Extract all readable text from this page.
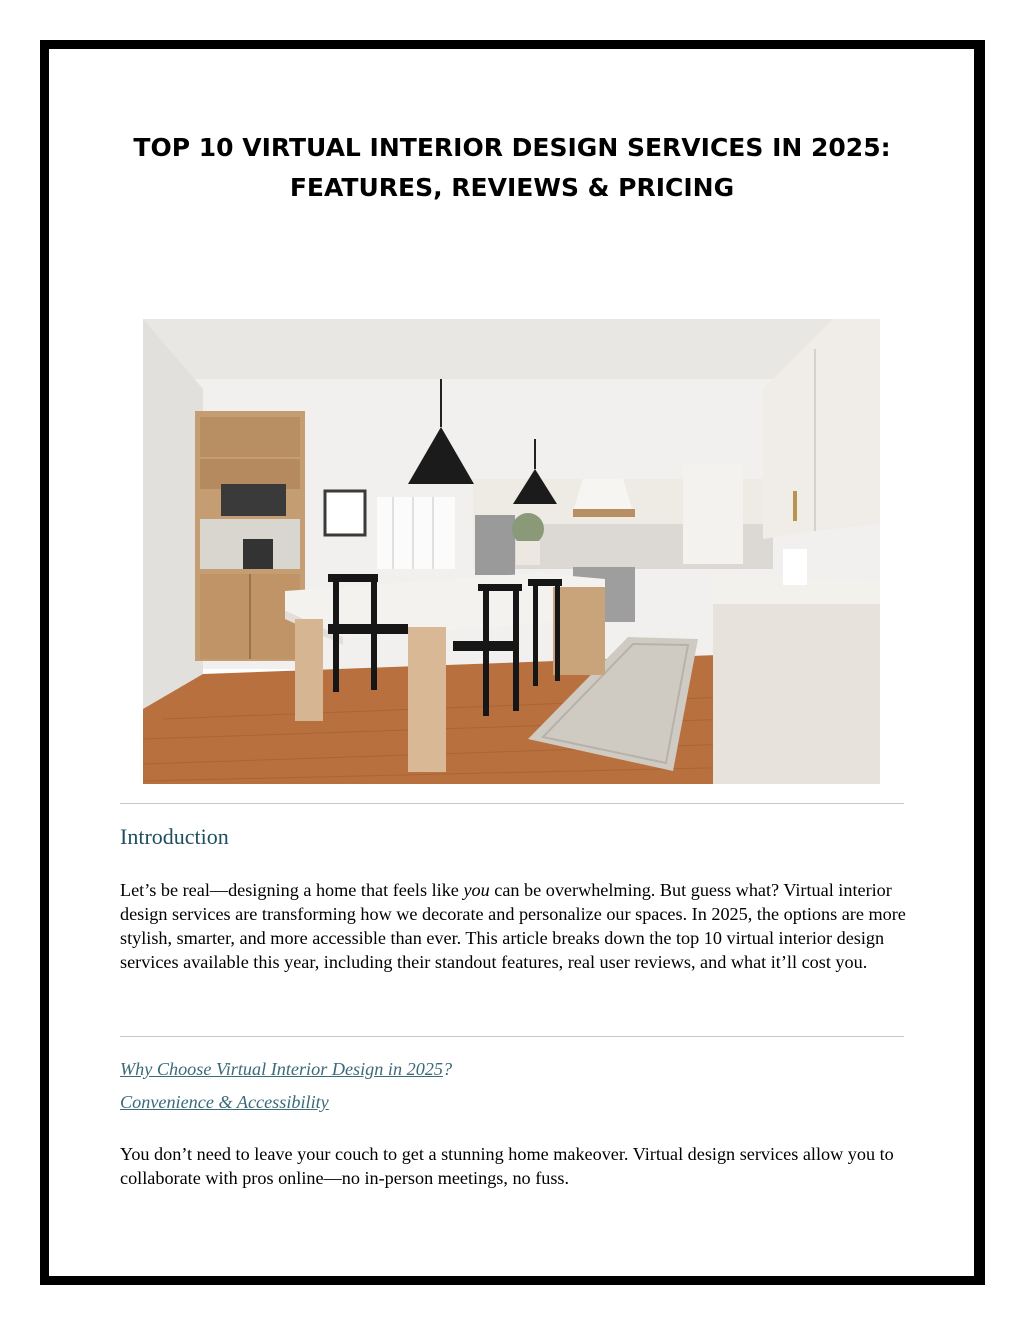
TOP 10 VIRTUAL INTERIOR DESIGN SERVICES IN 2025:
FEATURES, REVIEWS & PRICING
Introduction
Let’s be real—designing a home that feels like you can be overwhelming. But guess what? Virtual interior design services are transforming how we decorate and personalize our spaces. In 2025, the options are more stylish, smarter, and more accessible than ever. This article breaks down the top 10 virtual interior design services available this year, including their standout features, real user reviews, and what it’ll cost you.
Why Choose Virtual Interior Design in 2025?
Convenience & Accessibility
You don’t need to leave your couch to get a stunning home makeover. Virtual design services allow you to collaborate with pros online—no in-person meetings, no fuss.
